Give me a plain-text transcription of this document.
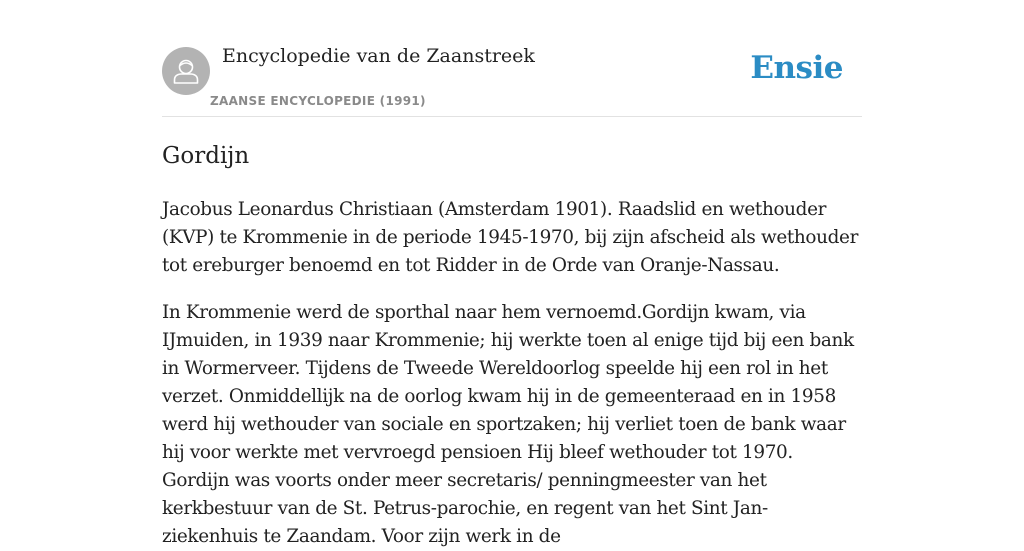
Encyclopedie van de Zaanstreek
ZAANSE ENCYCLOPEDIE (1991)
Ensie
Gordijn

Jacobus Leonardus Christiaan (Amsterdam 1901). Raadslid en wethouder (KVP) te Krommenie in de periode 1945-1970, bij zijn afscheid als wethouder tot ereburger benoemd en tot Ridder in de Orde van Oranje-Nassau.

In Krommenie werd de sporthal naar hem vernoemd.Gordijn kwam, via IJmuiden, in 1939 naar Krommenie; hij werkte toen al enige tijd bij een bank in Wormerveer. Tijdens de Tweede Wereldoorlog speelde hij een rol in het verzet. Onmiddellijk na de oorlog kwam hij in de gemeenteraad en in 1958 werd hij wethouder van sociale en sportzaken; hij verliet toen de bank waar hij voor werkte met vervroegd pensioen Hij bleef wethouder tot 1970. Gordijn was voorts onder meer secretaris/ penningmeester van het kerkbestuur van de St. Petrus-parochie, en regent van het Sint Jan-ziekenhuis te Zaandam. Voor zijn werk in de
